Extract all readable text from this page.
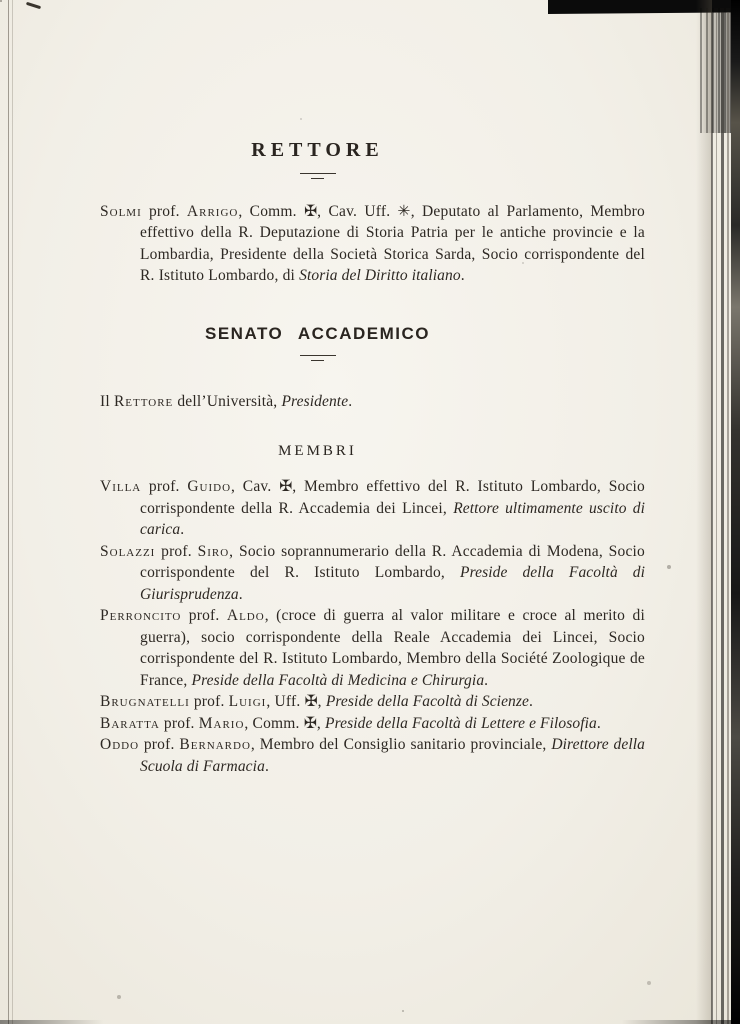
RETTORE

Solmi prof. Arrigo, Comm. ✠, Cav. Uff. ✳, Deputato al Parlamento, Membro effettivo della R. Deputazione di Storia Patria per le antiche provincie e la Lombardia, Presidente della Società Storica Sarda, Socio corrispondente del R. Istituto Lombardo, di Storia del Diritto italiano.

SENATO ACCADEMICO

Il Rettore dell’Università, Presidente.

MEMBRI

Villa prof. Guido, Cav. ✠, Membro effettivo del R. Istituto Lombardo, Socio corrispondente della R. Accademia dei Lincei, Rettore ultimamente uscito di carica.

Solazzi prof. Siro, Socio soprannumerario della R. Accademia di Modena, Socio corrispondente del R. Istituto Lombardo, Preside della Facoltà di Giurisprudenza.

Perroncito prof. Aldo, (croce di guerra al valor militare e croce al merito di guerra), socio corrispondente della Reale Accademia dei Lincei, Socio corrispondente del R. Istituto Lombardo, Membro della Société Zoologique de France, Preside della Facoltà di Medicina e Chirurgia.

Brugnatelli prof. Luigi, Uff. ✠, Preside della Facoltà di Scienze.

Baratta prof. Mario, Comm. ✠, Preside della Facoltà di Lettere e Filosofia.

Oddo prof. Bernardo, Membro del Consiglio sanitario provinciale, Direttore della Scuola di Farmacia.
